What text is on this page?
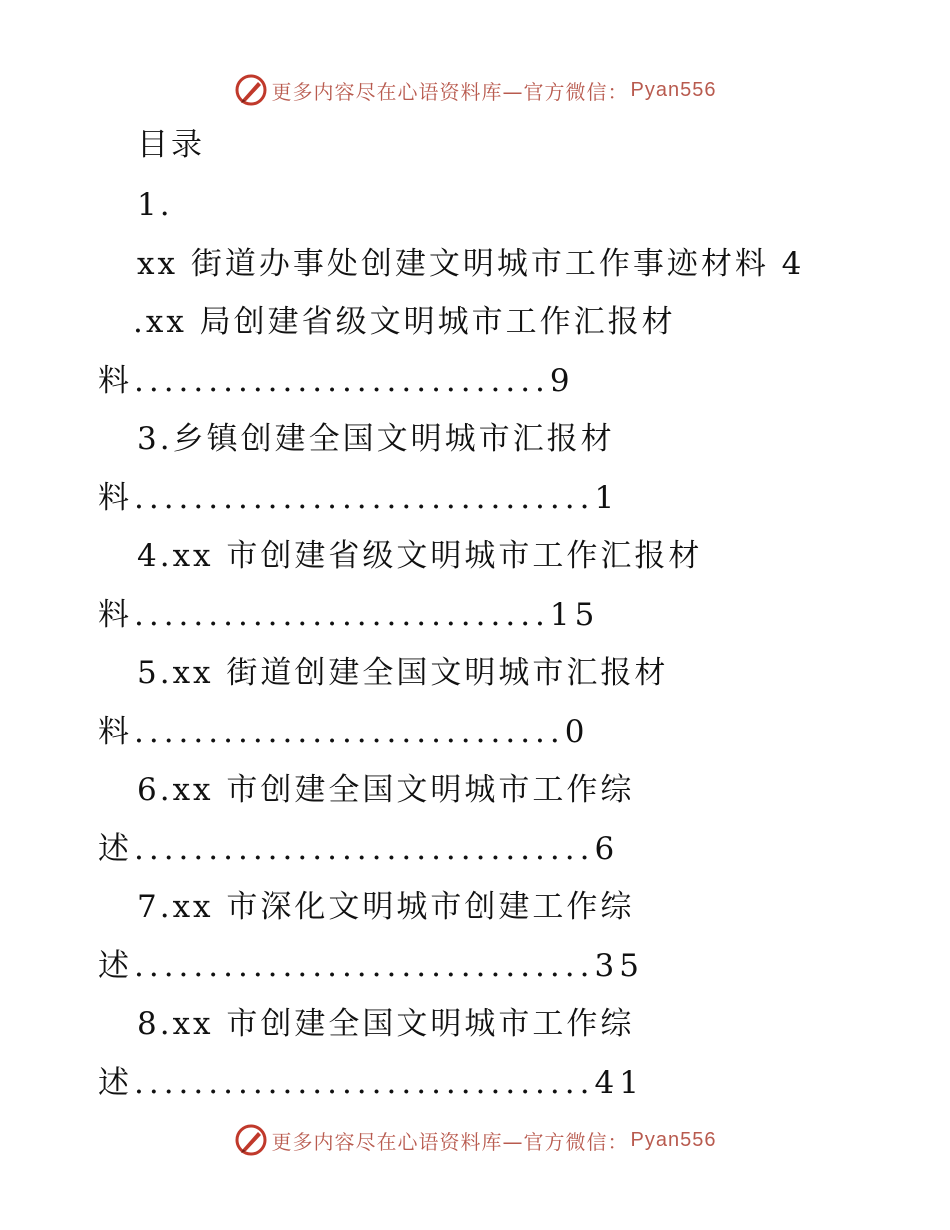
更多内容尽在心语资料库—官方微信： Pyan556
目录
1.
xx 街道办事处创建文明城市工作事迹材料 4
.xx 局创建省级文明城市工作汇报材
料............................9
3.乡镇创建全国文明城市汇报材
料...............................1
4.xx 市创建省级文明城市工作汇报材
料............................15
5.xx 街道创建全国文明城市汇报材
料.............................0
6.xx 市创建全国文明城市工作综
述...............................6
7.xx 市深化文明城市创建工作综
述...............................35
8.xx 市创建全国文明城市工作综
述...............................41
更多内容尽在心语资料库—官方微信： Pyan556
